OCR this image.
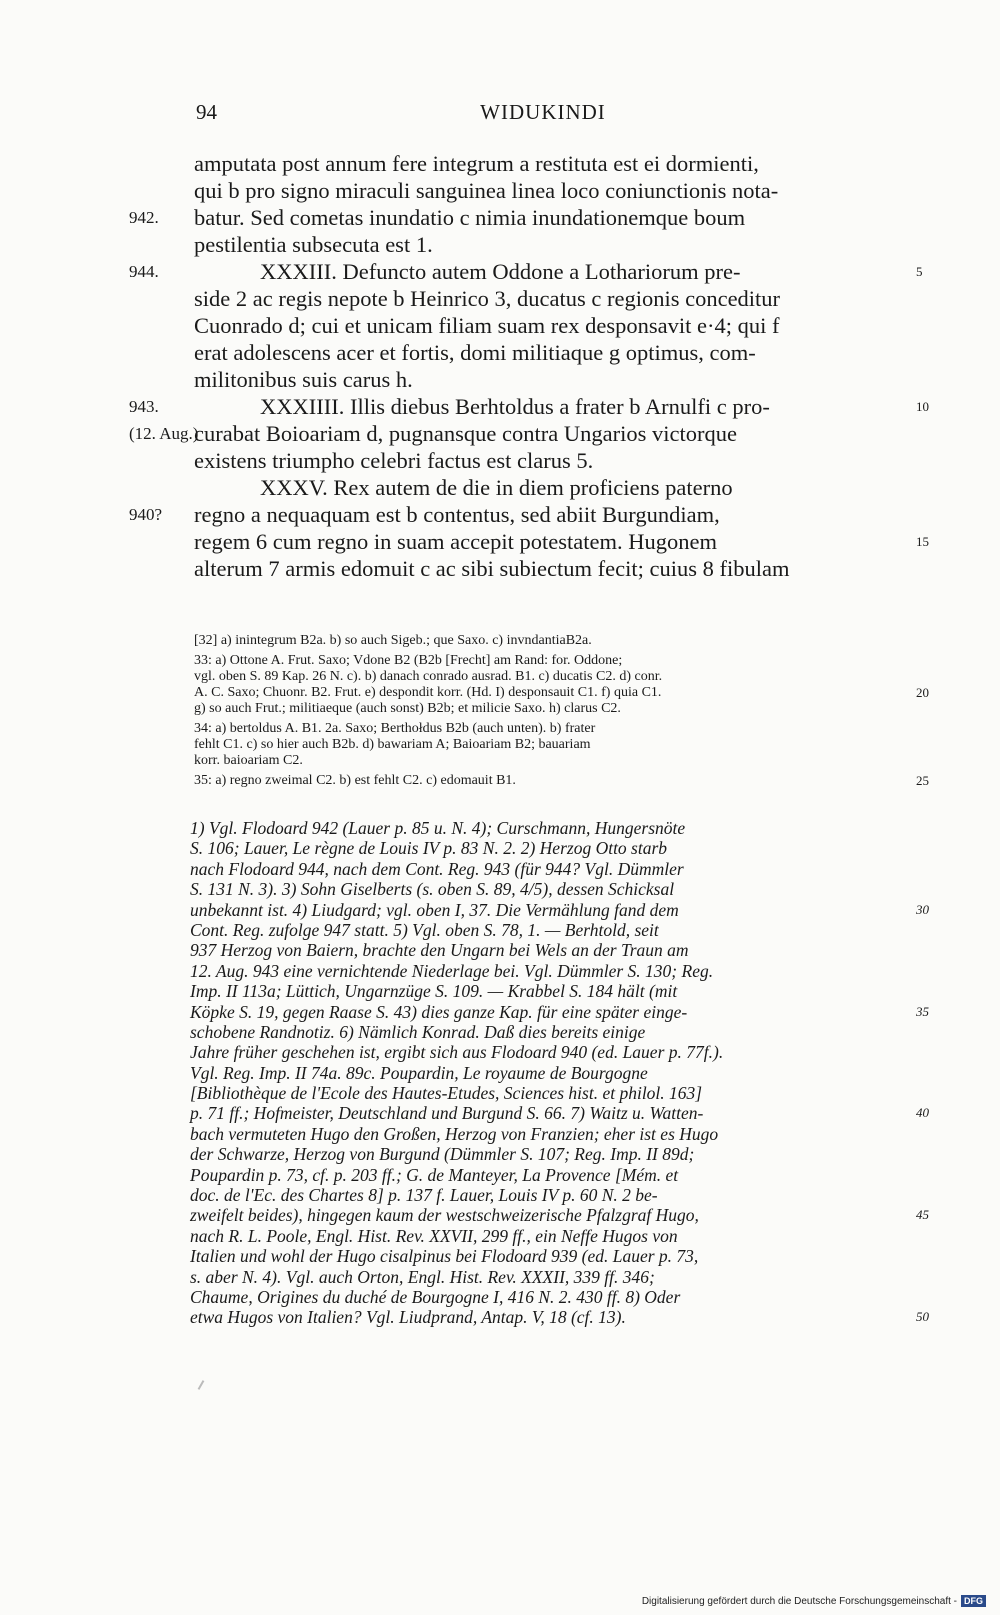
94	WIDUKINDI
amputata post annum fere integrum a restituta est ei dormienti,
qui b pro signo miraculi sanguinea linea loco coniunctionis nota-
batur. Sed cometas inundatio c nimia inundationemque boum
942.
pestilentia subsecuta est 1.
XXXIII. Defuncto autem Oddone a Lothariorum pre-
944.	5
side 2 ac regis nepote b Heinrico 3, ducatus c regionis conceditur
Cuonrado d; cui et unicam filiam suam rex desponsavit e·4; qui f
erat adolescens acer et fortis, domi militiaque g optimus, com-
militonibus suis carus h.
XXXIIII. Illis diebus Berhtoldus a frater b Arnulfi c pro-
943.	10
curabat Boioariam d, pugnansque contra Ungarios victorque
(12. Aug.)
existens triumpho celebri factus est clarus 5.
XXXV. Rex autem de die in diem proficiens paterno
regno a nequaquam est b contentus, sed abiit Burgundiam,
940?
regem 6 cum regno in suam accepit potestatem. Hugonem	15
alterum 7 armis edomuit c ac sibi subiectum fecit; cuius 8 fibulam
[32] a) inintegrum B2a. b) so auch Sigeb.; que Saxo. c) invndantiaB2a.
33: a) Ottone A. Frut. Saxo; Vdone B2 (B2b [Frecht] am Rand: for. Oddone;
vgl. oben S. 89 Kap. 26 N. c). b) danach conrado ausrad. B1. c) ducatis C2. d) conr.
A. C. Saxo; Chuonr. B2. Frut. e) despondit korr. (Hd. I) desponsauit C1. f) quia C1.	20
g) so auch Frut.; militiaeque (auch sonst) B2b; et milicie Saxo. h) clarus C2.
34: a) bertoldus A. B1. 2a. Saxo; Berthołdus B2b (auch unten). b) frater
fehlt C1. c) so hier auch B2b. d) bawariam A; Baioariam B2; bauariam
korr. baioariam C2.
35: a) regno zweimal C2. b) est fehlt C2. c) edomauit B1.	25
1) Vgl. Flodoard 942 (Lauer p. 85 u. N. 4); Curschmann, Hungersnöte
S. 106; Lauer, Le règne de Louis IV p. 83 N. 2. 2) Herzog Otto starb
nach Flodoard 944, nach dem Cont. Reg. 943 (für 944? Vgl. Dümmler
S. 131 N. 3). 3) Sohn Giselberts (s. oben S. 89, 4/5), dessen Schicksal
unbekannt ist. 4) Liudgard; vgl. oben I, 37. Die Vermählung fand dem	30
Cont. Reg. zufolge 947 statt. 5) Vgl. oben S. 78, 1. — Berhtold, seit
937 Herzog von Baiern, brachte den Ungarn bei Wels an der Traun am
12. Aug. 943 eine vernichtende Niederlage bei. Vgl. Dümmler S. 130; Reg.
Imp. II 113a; Lüttich, Ungarnzüge S. 109. — Krabbel S. 184 hält (mit
Köpke S. 19, gegen Raase S. 43) dies ganze Kap. für eine später einge-	35
schobene Randnotiz. 6) Nämlich Konrad. Daß dies bereits einige
Jahre früher geschehen ist, ergibt sich aus Flodoard 940 (ed. Lauer p. 77f.).
Vgl. Reg. Imp. II 74a. 89c. Poupardin, Le royaume de Bourgogne
[Bibliothèque de l'Ecole des Hautes-Etudes, Sciences hist. et philol. 163]
p. 71 ff.; Hofmeister, Deutschland und Burgund S. 66. 7) Waitz u. Watten-	40
bach vermuteten Hugo den Großen, Herzog von Franzien; eher ist es Hugo
der Schwarze, Herzog von Burgund (Dümmler S. 107; Reg. Imp. II 89d;
Poupardin p. 73, cf. p. 203 ff.; G. de Manteyer, La Provence [Mém. et
doc. de l'Ec. des Chartes 8] p. 137 f. Lauer, Louis IV p. 60 N. 2 be-
zweifelt beides), hingegen kaum der westschweizerische Pfalzgraf Hugo,	45
nach R. L. Poole, Engl. Hist. Rev. XXVII, 299 ff., ein Neffe Hugos von
Italien und wohl der Hugo cisalpinus bei Flodoard 939 (ed. Lauer p. 73,
s. aber N. 4). Vgl. auch Orton, Engl. Hist. Rev. XXXII, 339 ff. 346;
Chaume, Origines du duché de Bourgogne I, 416 N. 2. 430 ff. 8) Oder
etwa Hugos von Italien? Vgl. Liudprand, Antap. V, 18 (cf. 13).	50
Digitalisierung gefördert durch die Deutsche Forschungsgemeinschaft - DFG
